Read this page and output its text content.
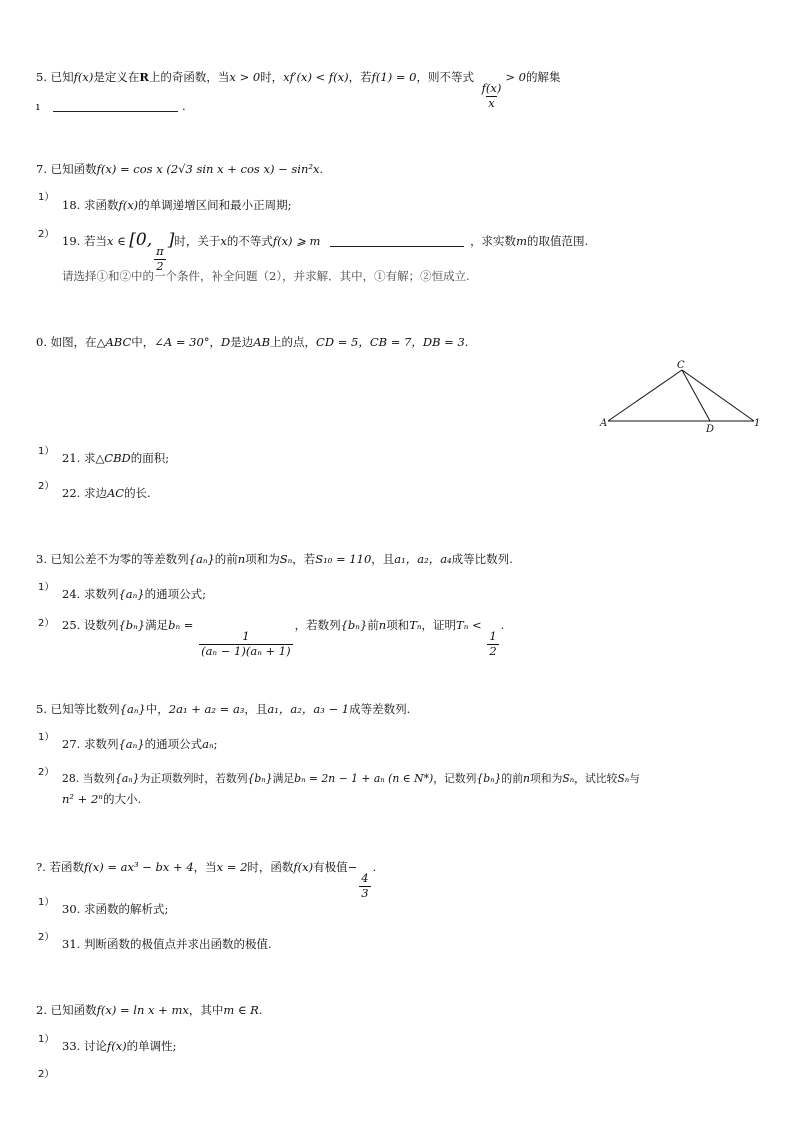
5. 已知f(x)是定义在R上的奇函数，当x > 0时，xf′(x) < f(x)，若f(1) = 0，则不等式
$\frac{f(x)}{x}$
> 0的解集
ı	.
7. 已知函数f(x) = cos x (2√3 sin x + cos x) − sin²x.
1）
18. 求函数f(x)的单调递增区间和最小正周期;
2） 19. 若当x ∈ [0,
$\frac{\pi}{2}$
]时，关于x的不等式f(x) ⩾ m	，求实数m的取值范围.
请选择①和②中的一个条件，补全问题（2），并求解．其中，①有解；②恒成立.
0. 如图，在△ABC中，∠A = 30°，D是边AB上的点，CD = 5，CB = 7，DB = 3.
A
C
D
1
1） 21. 求△CBD的面积;
2） 22. 求边AC的长.
3. 已知公差不为零的等差数列{aₙ}的前n项和为Sₙ，若S₁₀ = 110，且a₁，a₂，a₄成等比数列.
1） 24. 求数列{aₙ}的通项公式;
2） 25. 设数列{bₙ}满足bₙ =
$\frac{1}{\text{(aₙ − 1)(aₙ + 1)}}$
，若数列{bₙ}前n项和Tₙ，证明Tₙ <
$\frac{1}{2}$
.
5. 已知等比数列{aₙ}中，2a₁ + a₂ = a₃，且a₁，a₂，a₃ − 1成等差数列.
1） 27. 求数列{aₙ}的通项公式aₙ;
2） 28. 当数列{aₙ}为正项数列时，若数列{bₙ}满足bₙ = 2n − 1 + aₙ (n ∈ N*)，记数列{bₙ}的前n项和为Sₙ，试比较Sₙ与
n² + 2ⁿ的大小.
?. 若函数f(x) = ax³ − bx + 4，当x = 2时，函数f(x)有极值−
$\frac{4}{3}$
.
1） 30. 求函数的解析式;
2） 31. 判断函数的极值点并求出函数的极值.
2. 已知函数f(x) = ln x + mx，其中m ∈ R.
1） 33. 讨论f(x)的单调性;
2）
